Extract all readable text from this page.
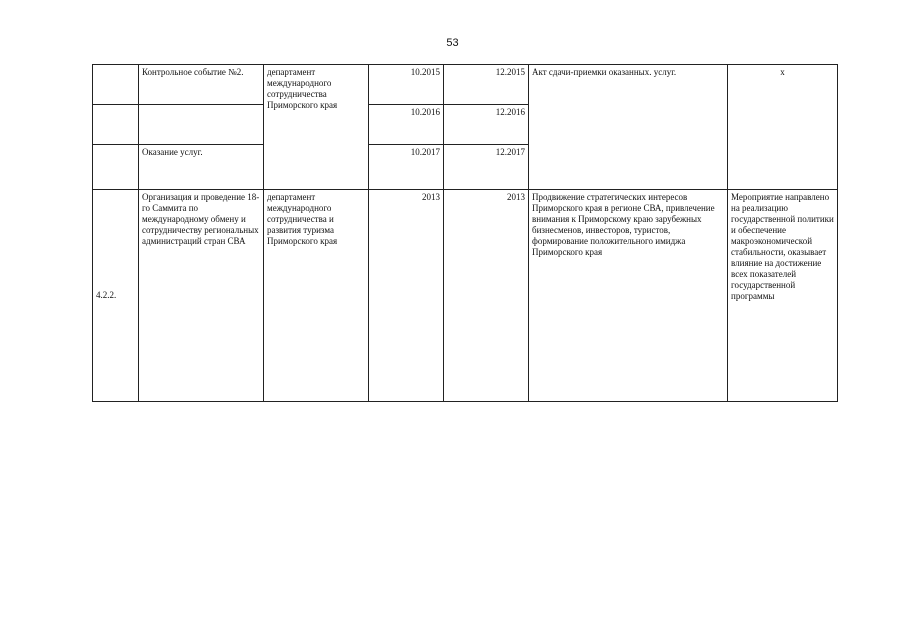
53
	Контрольное событие №2.	департамент международного сотрудничества Приморского края	10.2015	12.2015	Акт сдачи-приемки оказанных. услуг.	x
			10.2016	12.2016		
	Оказание услуг.		10.2017	12.2017		
4.2.2.	Организация и проведение 18-го Саммита по международному обмену и сотрудничеству региональных администраций стран СВА	департамент международного сотрудничества и развития туризма Приморского края	2013	2013	Продвижение стратегических интересов Приморского края в регионе СВА, привлечение внимания к Приморскому краю зарубежных бизнесменов, инвесторов, туристов, формирование положительного имиджа Приморского края	Мероприятие направлено на реализацию государственной политики и обеспечение макроэкономической стабильности, оказывает влияние на достижение всех показателей государственной программы
